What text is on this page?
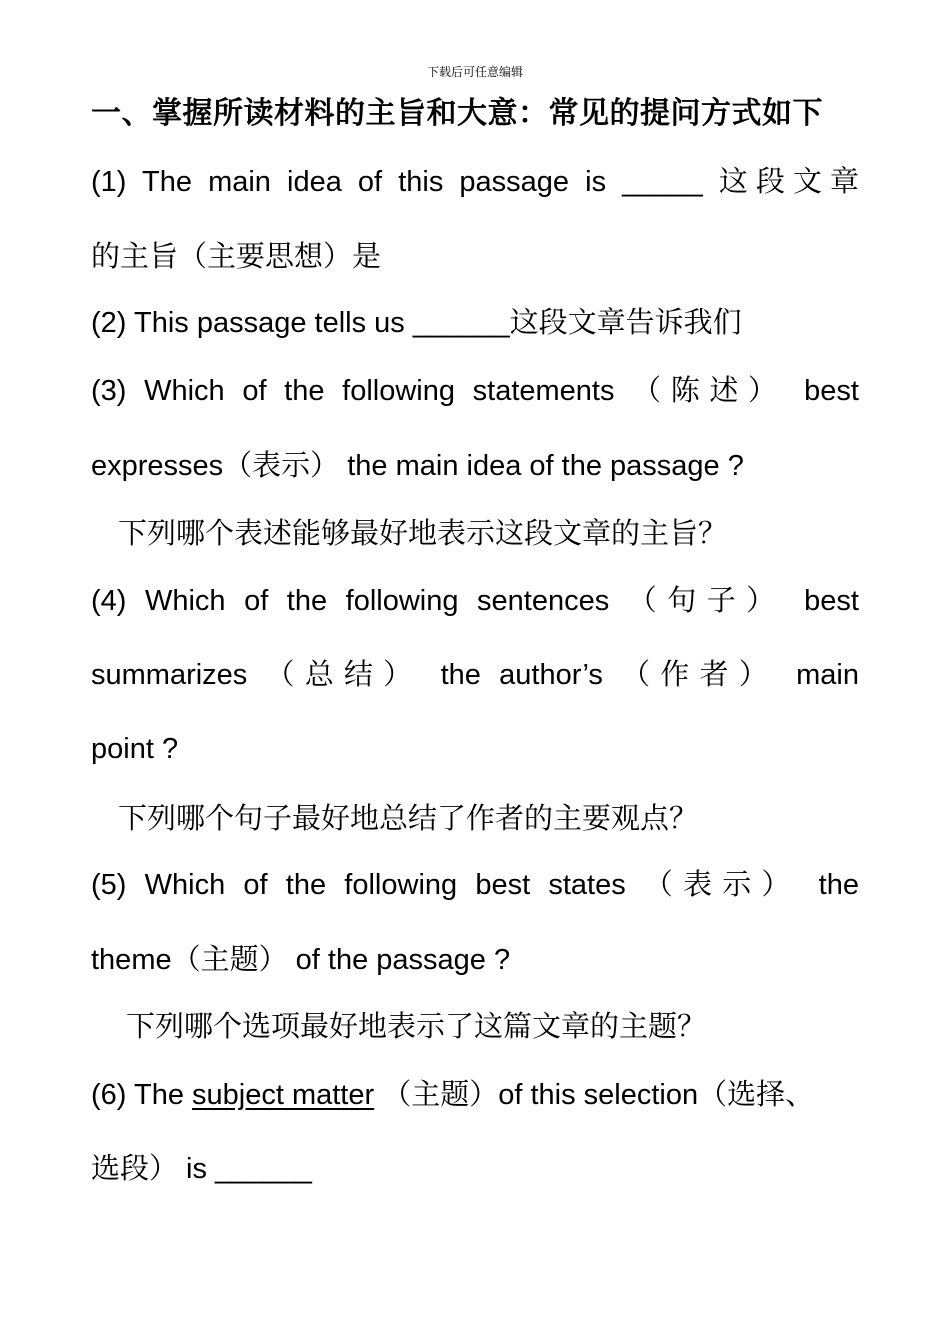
下载后可任意编辑

一、掌握所读材料的主旨和大意：常见的提问方式如下

(1) The main idea of this passage is _____ 这段文章

的主旨（主要思想）是

(2) This passage tells us ______这段文章告诉我们

(3) Which of the following statements （陈述） best

expresses（表示） the main idea of the passage ?

下列哪个表述能够最好地表示这段文章的主旨？

(4) Which of the following sentences （句子） best

summarizes （总结） the author’s （作者） main

point ?

下列哪个句子最好地总结了作者的主要观点？

(5) Which of the following best states （表示） the

theme（主题） of the passage ?

下列哪个选项最好地表示了这篇文章的主题？

(6) The subject matter （主题）of this selection（选择、

选段） is ______
